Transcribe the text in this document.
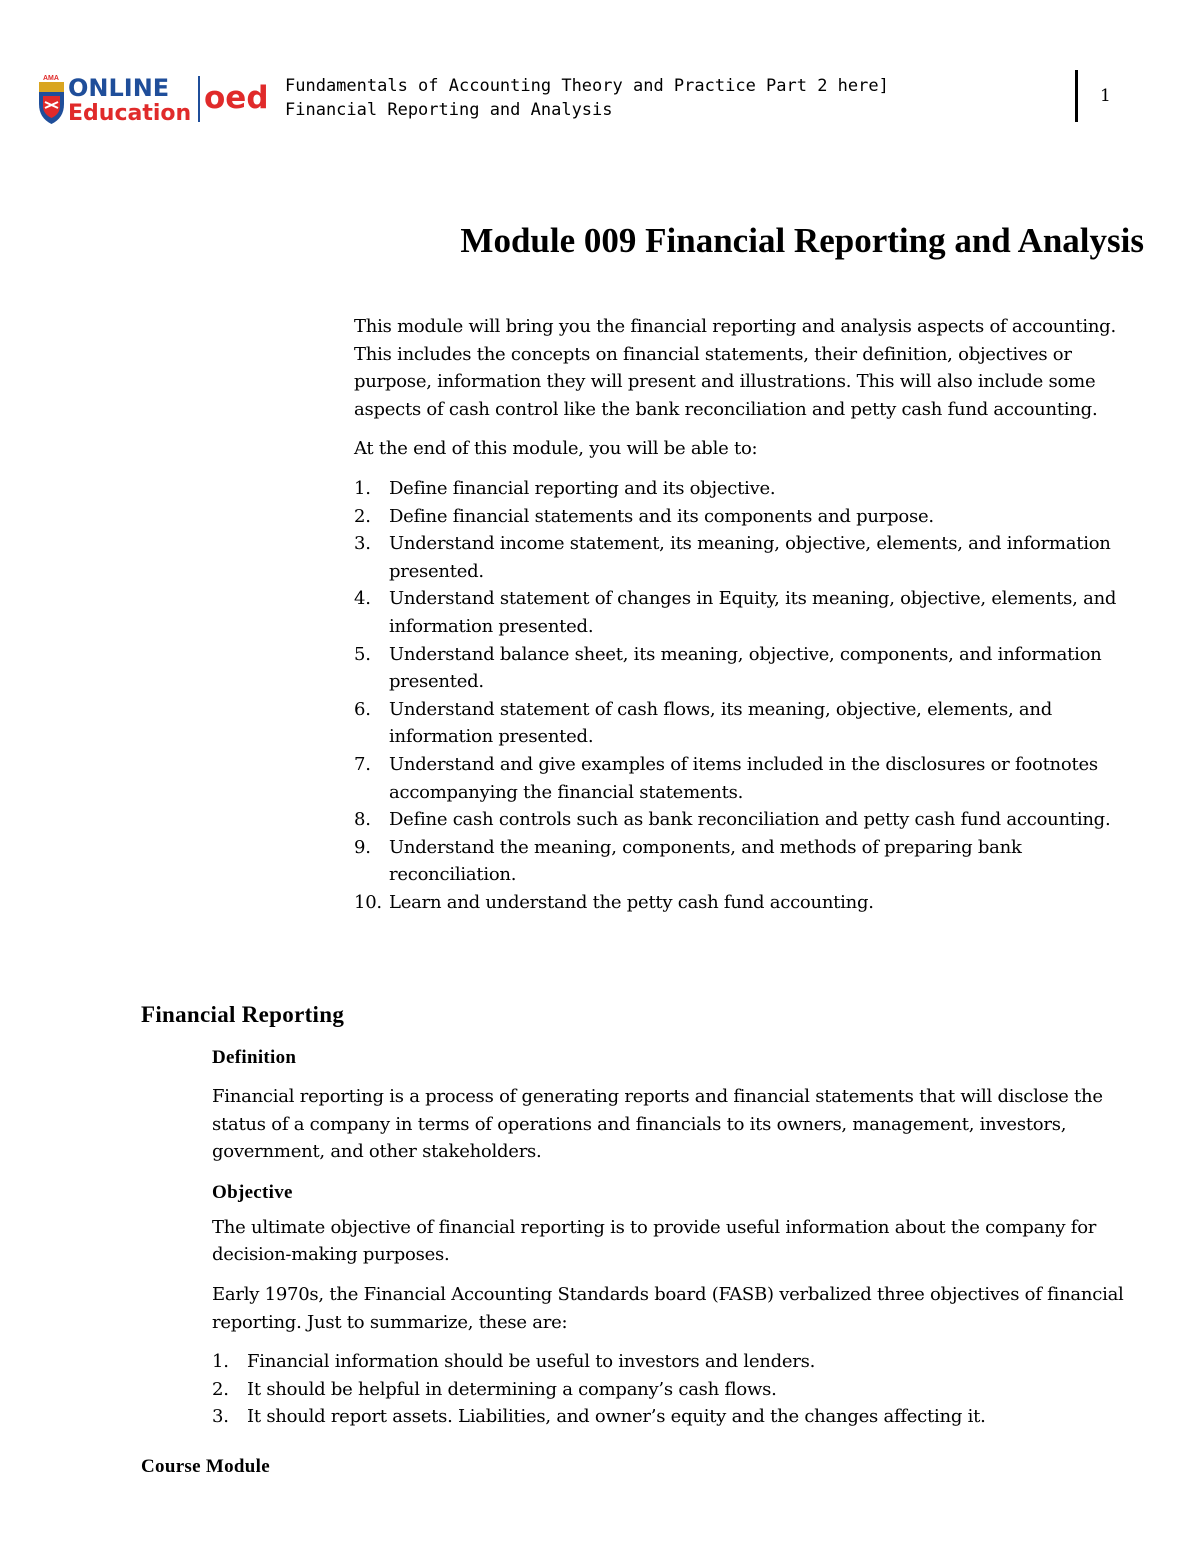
AMA ONLINE
Education oed Fundamentals of Accounting Theory and Practice Part 2 here]
Financial Reporting and Analysis
1
Module 009 Financial Reporting and Analysis

This module will bring you the financial reporting and analysis aspects of accounting. This includes the concepts on financial statements, their definition, objectives or purpose, information they will present and illustrations. This will also include some aspects of cash control like the bank reconciliation and petty cash fund accounting.

At the end of this module, you will be able to:

1. Define financial reporting and its objective.
2. Define financial statements and its components and purpose.
3. Understand income statement, its meaning, objective, elements, and information presented.
4. Understand statement of changes in Equity, its meaning, objective, elements, and information presented.
5. Understand balance sheet, its meaning, objective, components, and information presented.
6. Understand statement of cash flows, its meaning, objective, elements, and information presented.
7. Understand and give examples of items included in the disclosures or footnotes accompanying the financial statements.
8. Define cash controls such as bank reconciliation and petty cash fund accounting.
9. Understand the meaning, components, and methods of preparing bank reconciliation.
10. Learn and understand the petty cash fund accounting.
Financial Reporting
Definition

Financial reporting is a process of generating reports and financial statements that will disclose the status of a company in terms of operations and financials to its owners, management, investors, government, and other stakeholders.

Objective

The ultimate objective of financial reporting is to provide useful information about the company for decision-making purposes.

Early 1970s, the Financial Accounting Standards board (FASB) verbalized three objectives of financial reporting. Just to summarize, these are:

1. Financial information should be useful to investors and lenders.
2. It should be helpful in determining a company’s cash flows.
3. It should report assets. Liabilities, and owner’s equity and the changes affecting it.
Course Module
